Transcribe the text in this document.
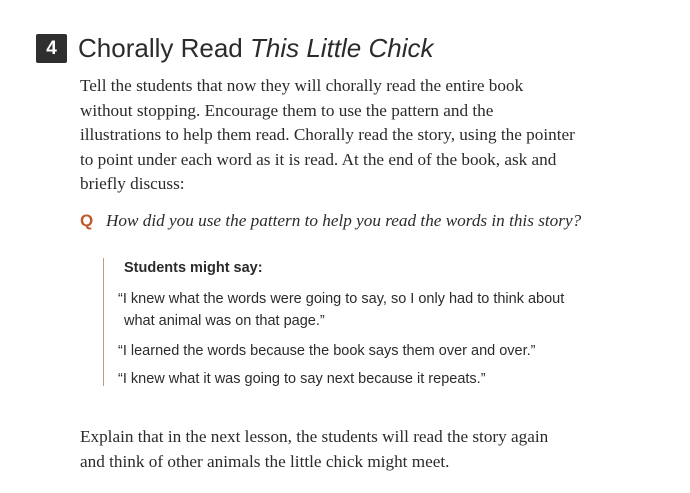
4 Chorally Read This Little Chick

Tell the students that now they will chorally read the entire book
without stopping. Encourage them to use the pattern and the
illustrations to help them read. Chorally read the story, using the pointer
to point under each word as it is read. At the end of the book, ask and
briefly discuss:

Q How did you use the pattern to help you read the words in this story?
Students might say:
“I knew what the words were going to say, so I only had to think about
what animal was on that page.”
“I learned the words because the book says them over and over.”
“I knew what it was going to say next because it repeats.”

Explain that in the next lesson, the students will read the story again
and think of other animals the little chick might meet.
